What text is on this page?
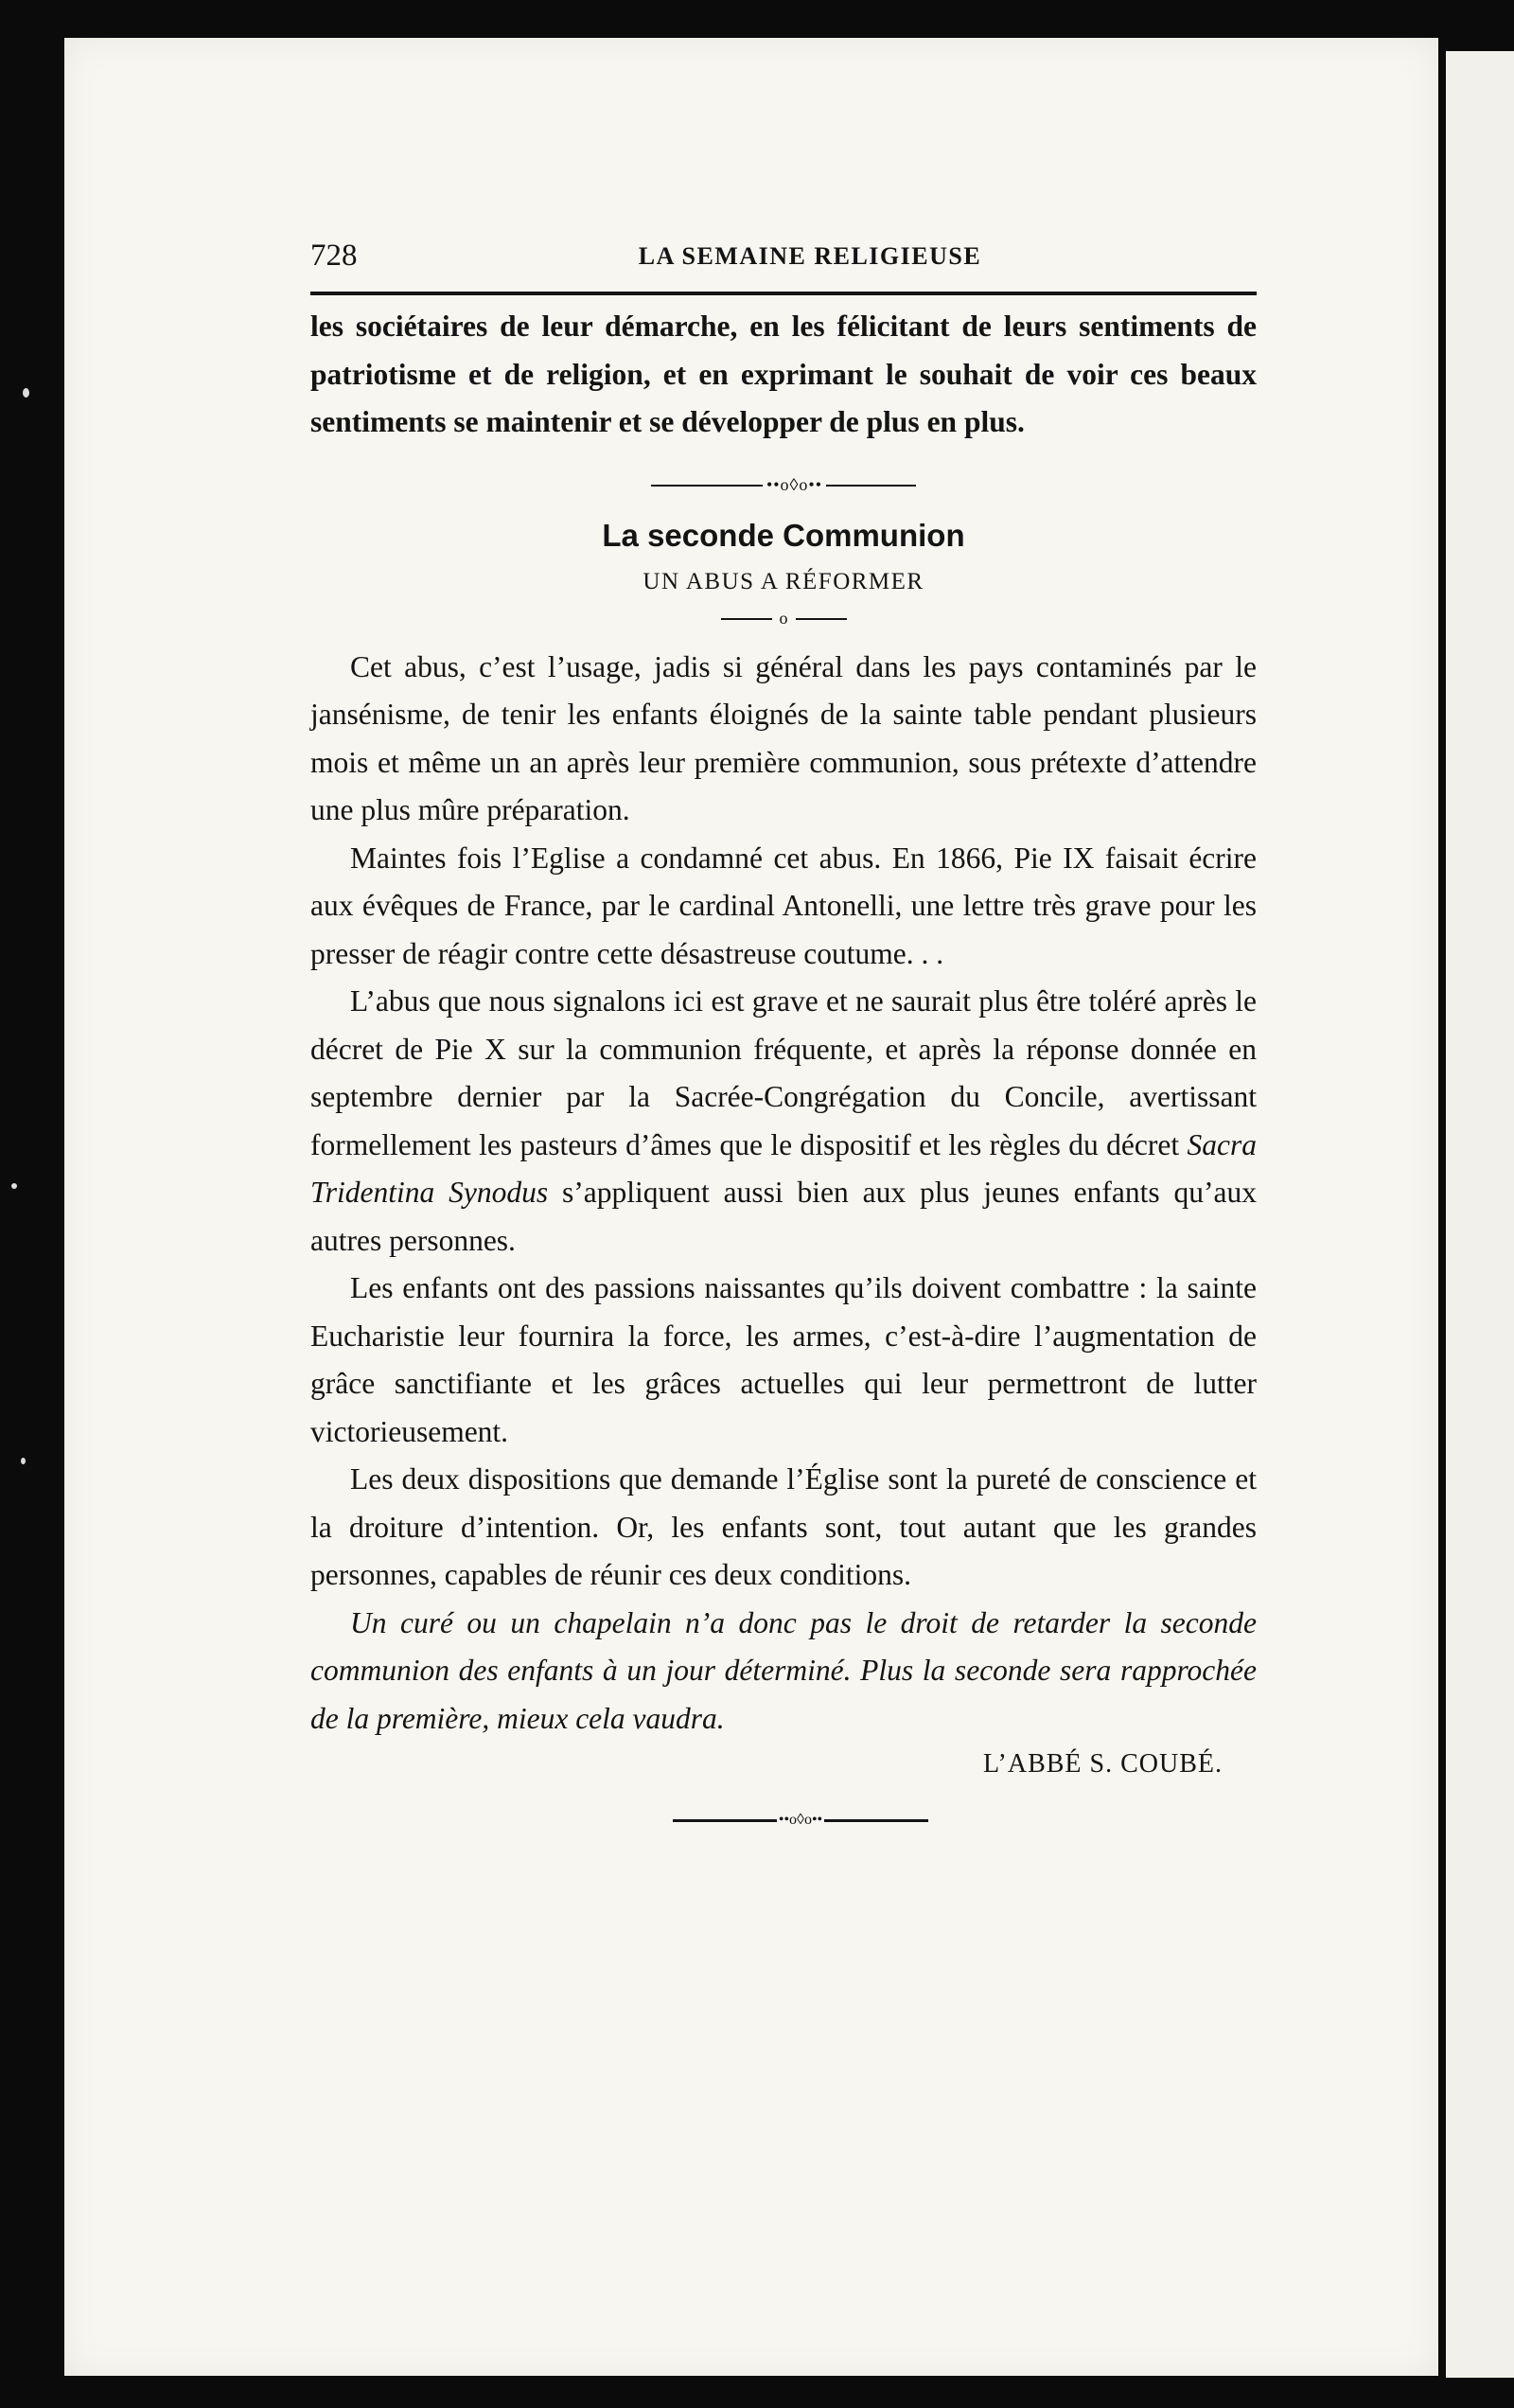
728	LA SEMAINE RELIGIEUSE

les sociétaires de leur démarche, en les félicitant de leurs sentiments de patriotisme et de religion, et en exprimant le souhait de voir ces beaux sentiments se maintenir et se développer de plus en plus.

••o◊o••
La seconde Communion
UN ABUS A RÉFORMER
o

Cet abus, c’est l’usage, jadis si général dans les pays contaminés par le jansénisme, de tenir les enfants éloignés de la sainte table pendant plusieurs mois et même un an après leur première communion, sous prétexte d’attendre une plus mûre préparation.

Maintes fois l’Eglise a condamné cet abus. En 1866, Pie IX faisait écrire aux évêques de France, par le cardinal Antonelli, une lettre très grave pour les presser de réagir contre cette désastreuse coutume. . .

L’abus que nous signalons ici est grave et ne saurait plus être toléré après le décret de Pie X sur la communion fréquente, et après la réponse donnée en septembre dernier par la Sacrée-Congrégation du Concile, avertissant formellement les pasteurs d’âmes que le dispositif et les règles du décret Sacra Tridentina Synodus s’appliquent aussi bien aux plus jeunes enfants qu’aux autres personnes.

Les enfants ont des passions naissantes qu’ils doivent combattre : la sainte Eucharistie leur fournira la force, les armes, c’est-à-dire l’augmentation de grâce sanctifiante et les grâces actuelles qui leur permettront de lutter victorieusement.

Les deux dispositions que demande l’Église sont la pureté de conscience et la droiture d’intention. Or, les enfants sont, tout autant que les grandes personnes, capables de réunir ces deux conditions.

Un curé ou un chapelain n’a donc pas le droit de retarder la seconde communion des enfants à un jour déterminé. Plus la seconde sera rapprochée de la première, mieux cela vaudra.

L’ABBÉ S. COUBÉ.
••o◊o••
